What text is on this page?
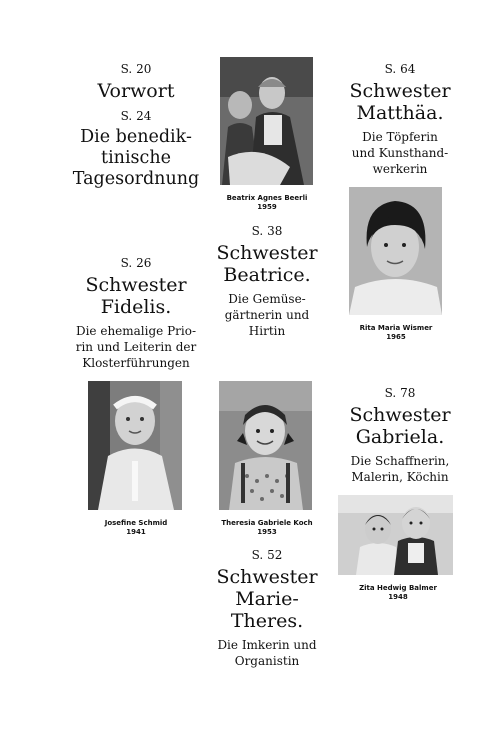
S. 20

Vorwort

S. 24

Die benedik-

tinische

Tagesordnung

S. 26

Schwester

Fidelis.

Die ehemalige Prio-

rin und Leiterin der

Klosterführungen

Josefine Schmid
1941
Beatrix Agnes Beerli
1959

S. 38

Schwester

Beatrice.

Die Gemüse-

gärtnerin und

Hirtin

Theresia Gabriele Koch
1953

S. 52

Schwester

Marie-Theres.

Die Imkerin und

Organistin

S. 64

Schwester

Matthäa.

Die Töpferin

und Kunsthand-

werkerin

Rita Maria Wismer
1965

S. 78

Schwester

Gabriela.

Die Schaffnerin,

Malerin, Köchin

Zita Hedwig Balmer
1948
